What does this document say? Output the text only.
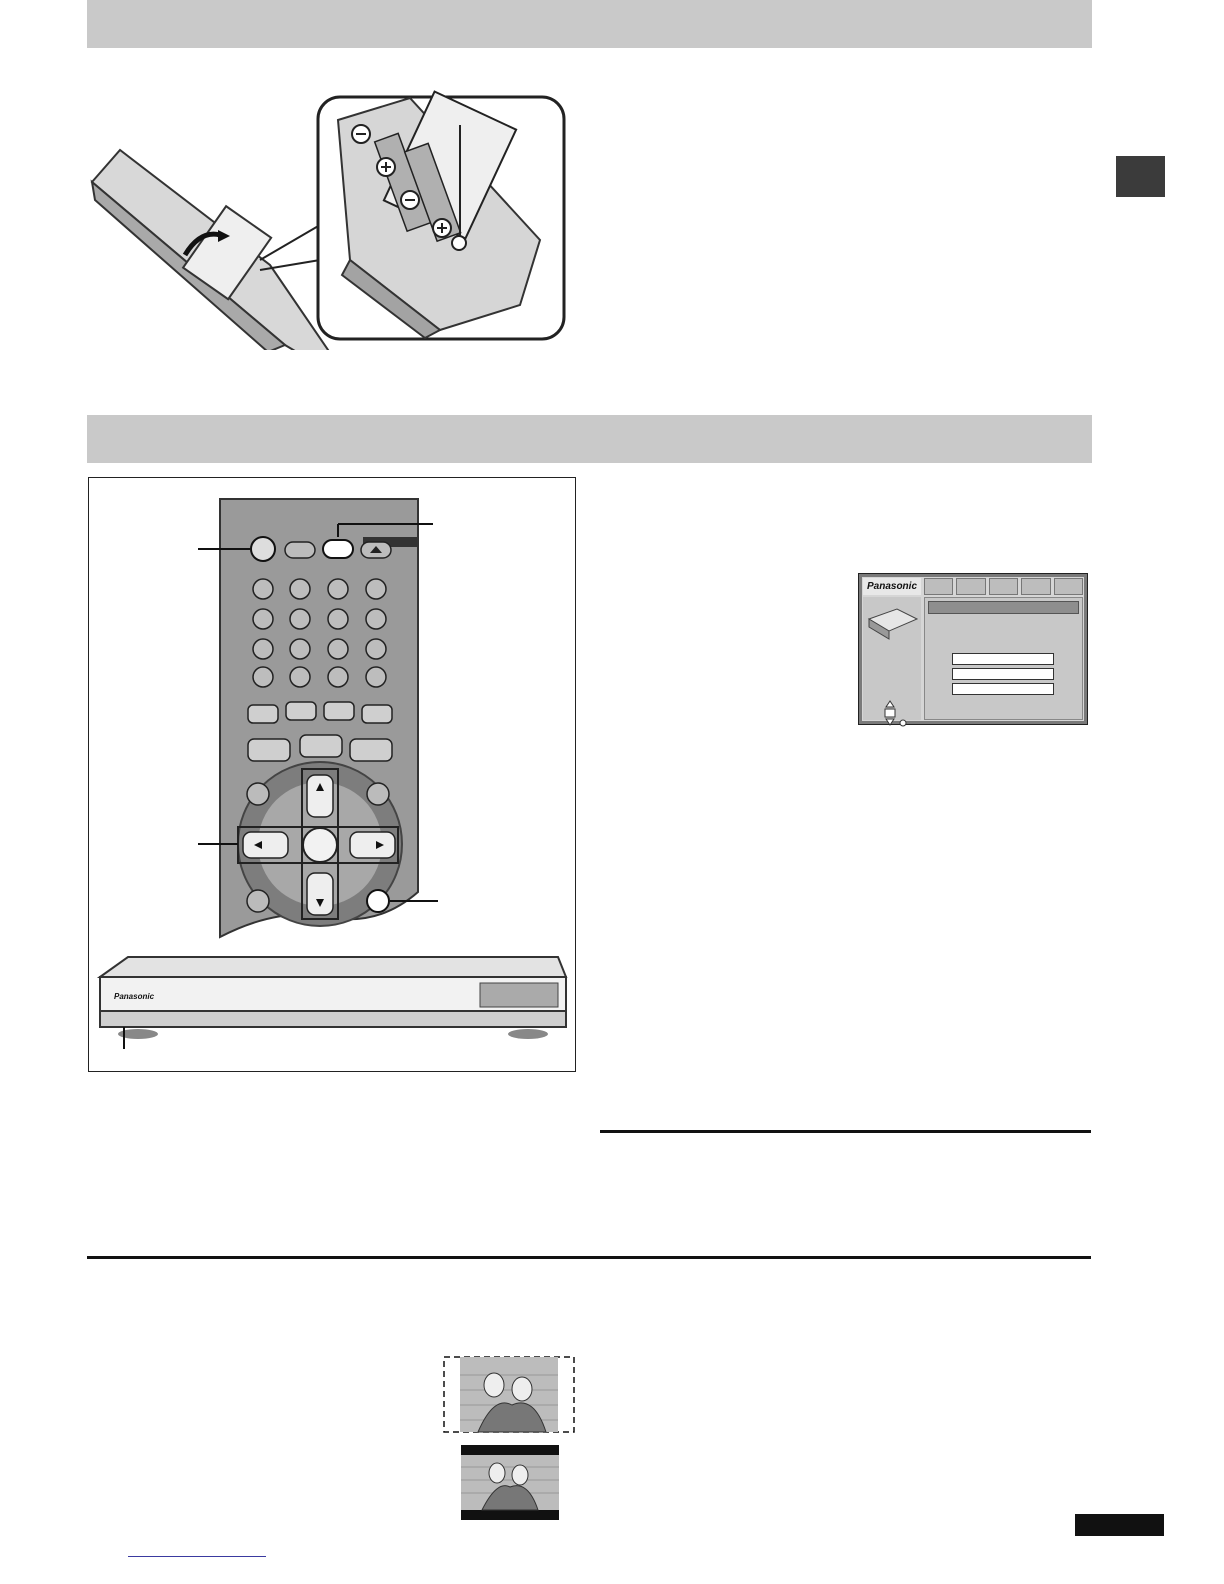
Panasonic
Panasonic
